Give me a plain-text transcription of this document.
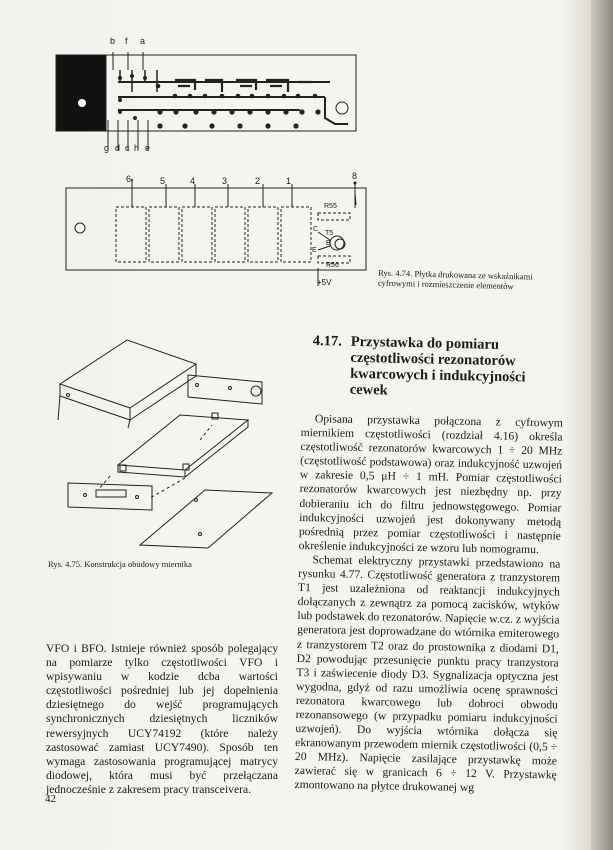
b f a
g d c h e
6	5	4	3	2	1	8
R55
R56
T5
C
B
E
+5V
Rys. 4.74. Płytka drukowana ze wskaźnikami cyfrowymi i rozmieszczenie elementów
Rys. 4.75. Konstrukcja obudowy miernika
4.17. Przystawka do pomiaru częstotliwości rezonatorów kwarcowych i indukcyjności cewek

VFO i BFO. Istnieje również sposób polegający na pomiarze tylko częstotliwości VFO i wpisywaniu w kodzie dcba wartości częstotliwości pośredniej lub jej dopełnienia dziesiętnego do wejść programujących synchronicznych dziesiętnych liczników rewersyjnych UCY74192 (które należy zastosować zamiast UCY7490). Sposób ten wymaga zastosowania programującej matrycy diodowej, która musi być przełączana jednocześnie z zakresem pracy transceivera.

Opisana przystawka połączona z cyfrowym miernikiem częstotliwości (rozdział 4.16) określa częstotliwość rezonatorów kwarcowych 1 ÷ 20 MHz (częstotliwość podstawowa) oraz indukcyjność uzwojeń w zakresie 0,5 μH ÷ 1 mH. Pomiar częstotliwości rezonatorów kwarcowych jest niezbędny np. przy dobieraniu ich do filtru jednowstęgowego. Pomiar indukcyjności uzwojeń jest dokonywany metodą pośrednią przez pomiar częstotliwości i następnie określenie indukcyjności ze wzoru lub nomogramu.

Schemat elektryczny przystawki przedstawiono na rysunku 4.77. Częstotliwość generatora z tranzystorem T1 jest uzależniona od reaktancji indukcyjnych dołączanych z zewnątrz za pomocą zacisków, wtyków lub podstawek do rezonatorów. Napięcie w.cz. z wyjścia generatora jest doprowadzane do wtórnika emiterowego z tranzystorem T2 oraz do prostownika z diodami D1, D2 powodując przesunięcie punktu pracy tranzystora T3 i zaświecenie diody D3. Sygnalizacja optyczna jest wygodna, gdyż od razu umożliwia ocenę sprawności rezonatora kwarcowego lub dobroci obwodu rezonansowego (w przypadku pomiaru indukcyjności uzwojeń). Do wyjścia wtórnika dołącza się ekranowanym przewodem miernik częstotliwości (0,5 ÷ 20 MHz). Napięcie zasilające przystawkę może zawierać się w granicach 6 ÷ 12 V. Przystawkę zmontowano na płytce drukowanej wg

42
